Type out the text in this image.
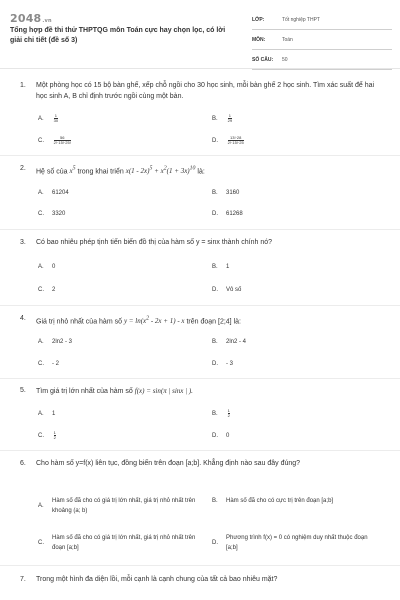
2048.vn
Tổng hợp đề thi thử THPTQG môn Toán cực hay chọn lọc, có lời giải chi tiết (đề số 3)
LỚP:	Tốt nghiệp THPT
MÔN:	Toán
SỐ CÂU: 50
1. Một phòng học có 15 bộ bàn ghế, xếp chỗ ngồi cho 30 học sinh, mỗi bàn ghế 2 học sinh. Tìm xác suất để hai học sinh A, B chỉ định trước ngồi cùng một bàn.
A.	$\frac{1}{30}$	B.	$\frac{1}{29}$
C. $\frac{56}{2!\cdot 15!\cdot 25!}$	D. $\frac{13!\cdot 28}{2!\cdot 15!\cdot 25}$
2. Hệ số của $x^5$ trong khai triển $x(1 - 2x)^5 + x^2(1 + 3x)^{10}$ là:
A. 61204	B. 3160
C. 3320	D. 61268
3. Có bao nhiêu phép tịnh tiến biến đồ thị của hàm số y = sinx thành chính nó?
A. 0	B. 1
C. 2	D. Vô số
4. Giá trị nhỏ nhất của hàm số $y = \ln(x^2 - 2x + 1) - x$ trên đoạn [2;4] là:
A. 2ln2 - 3	B. 2ln2 - 4
C. - 2	D. - 3
5. Tìm giá trị lớn nhất của hàm số f(x) = sin(π | sinx | ).
A. 1	B.	$\frac{1}{2}$
C. $\frac{1}{2}$	D. 0
6. Cho hàm số y=f(x) liên tục, đồng biến trên đoạn [a;b]. Khẳng định nào sau đây đúng?
A.
Hàm số đã cho có giá trị lớn nhất, giá trị nhỏ nhất trên khoảng (a; b)
B.	Hàm số đã cho có cực trị trên đoạn [a;b]
C.
Hàm số đã cho có giá trị lớn nhất, giá trị nhỏ nhất trên đoạn [a;b]
D.
Phương trình f(x) = 0 có nghiệm duy nhất thuộc đoạn [a;b]
7. Trong một hình đa diện lồi, mỗi cạnh là cạnh chung của tất cả bao nhiêu mặt?
